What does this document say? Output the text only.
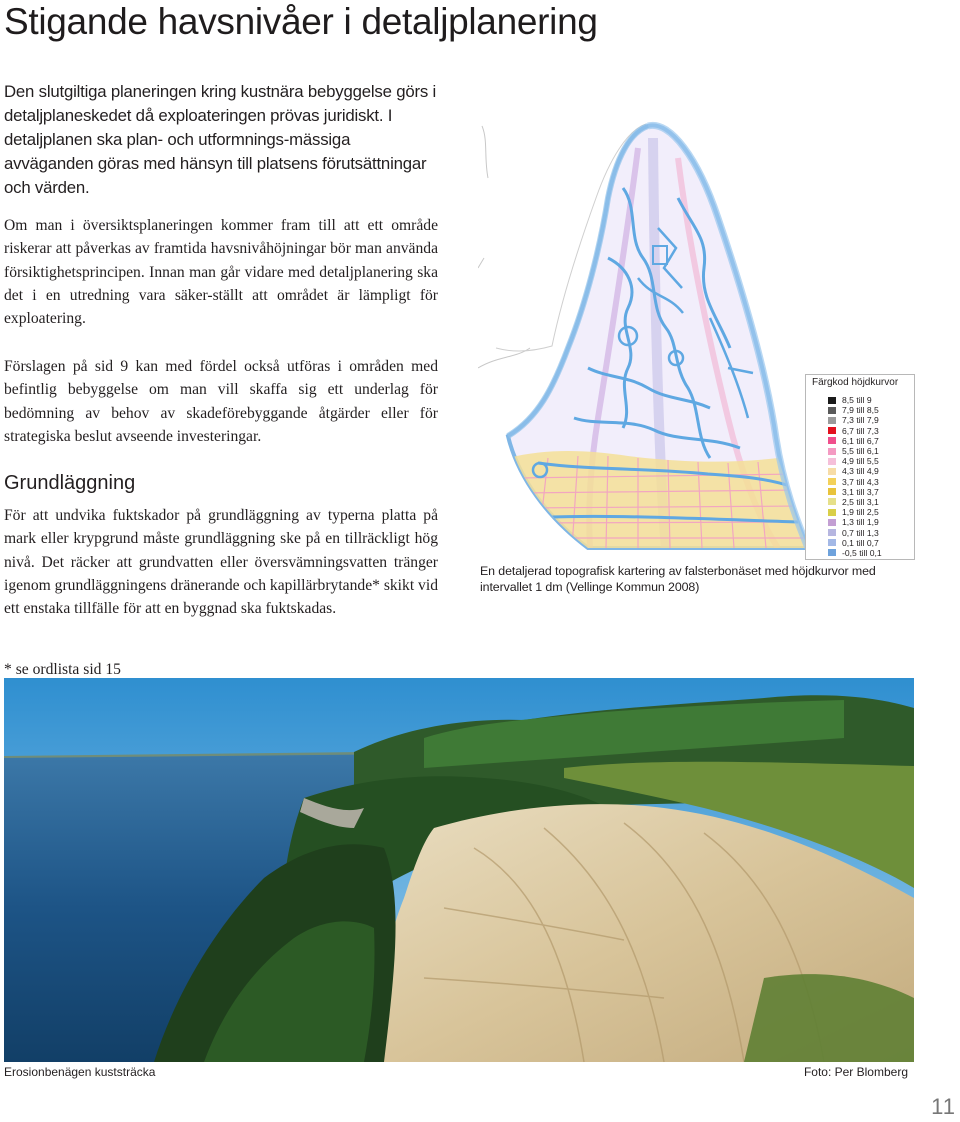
Stigande havsnivåer i detaljplanering

Den slutgiltiga planeringen kring kustnära bebyggelse görs i detaljplaneskedet då exploateringen prövas juridiskt. I detaljplanen ska plan- och utformnings-mässiga avväganden göras med hänsyn till platsens förutsättningar och värden.

Om man i översiktsplaneringen kommer fram till att ett område riskerar att påverkas av framtida havsnivåhöjningar bör man använda försiktighetsprincipen. Innan man går vidare med detaljplanering ska det i en utredning vara säker-ställt att området är lämpligt för exploatering.

Förslagen på sid 9 kan med fördel också utföras i områden med befintlig bebyggelse om man vill skaffa sig ett underlag för bedömning av behov av skadeförebyggande åtgärder eller för strategiska beslut avseende investeringar.

Grundläggning

För att undvika fuktskador på grundläggning av typerna platta på mark eller krypgrund måste grundläggning ske på en tillräckligt hög nivå. Det räcker att grundvatten eller översvämningsvatten tränger igenom grundläggningens dränerande och kapillärbrytande* skikt vid ett enstaka tillfälle för att en byggnad ska fuktskadas.

* se ordlista sid 15

Färgkod höjdkurvor
8,5 till 9
7,9 till 8,5
7,3 till 7,9
6,7 till 7,3
6,1 till 6,7
5,5 till 6,1
4,9 till 5,5
4,3 till 4,9
3,7 till 4,3
3,1 till 3,7
2,5 till 3,1
1,9 till 2,5
1,3 till 1,9
0,7 till 1,3
0,1 till 0,7
-0,5 till 0,1

En detaljerad topografisk kartering av falsterbonäset med höjdkurvor med intervallet 1 dm (Vellinge Kommun 2008)

Erosionbenägen kuststräcka	Foto: Per Blomberg

11
